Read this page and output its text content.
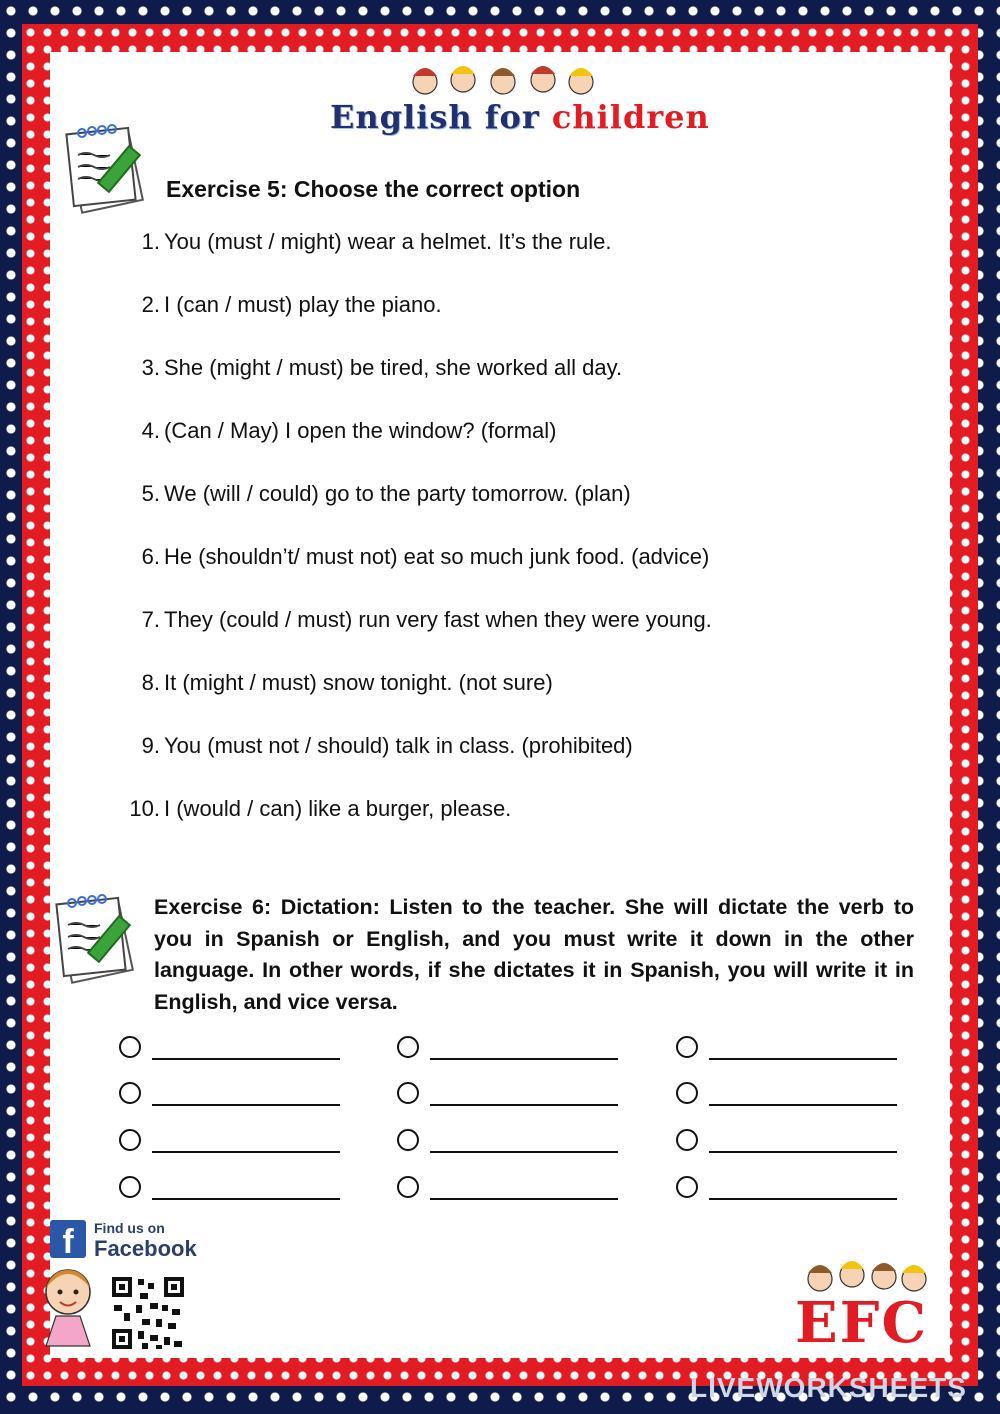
English for children
Exercise 5: Choose the correct option
1. You (must / might) wear a helmet. It’s the rule.
2. I (can / must) play the piano.
3. She (might / must) be tired, she worked all day.
4. (Can / May) I open the window? (formal)
5. We (will / could) go to the party tomorrow. (plan)
6. He (shouldn’t/ must not) eat so much junk food. (advice)
7. They (could / must) run very fast when they were young.
8. It (might / must) snow tonight. (not sure)
9. You (must not / should) talk in class. (prohibited)
10. I (would / can) like a burger, please.
Exercise 6: Dictation: Listen to the teacher. She will dictate the verb to you in Spanish or English, and you must write it down in the other language. In other words, if she dictates it in Spanish, you will write it in English, and vice versa.
f	Find us on
Facebook
EFC
LIVEWORKSHEETS
